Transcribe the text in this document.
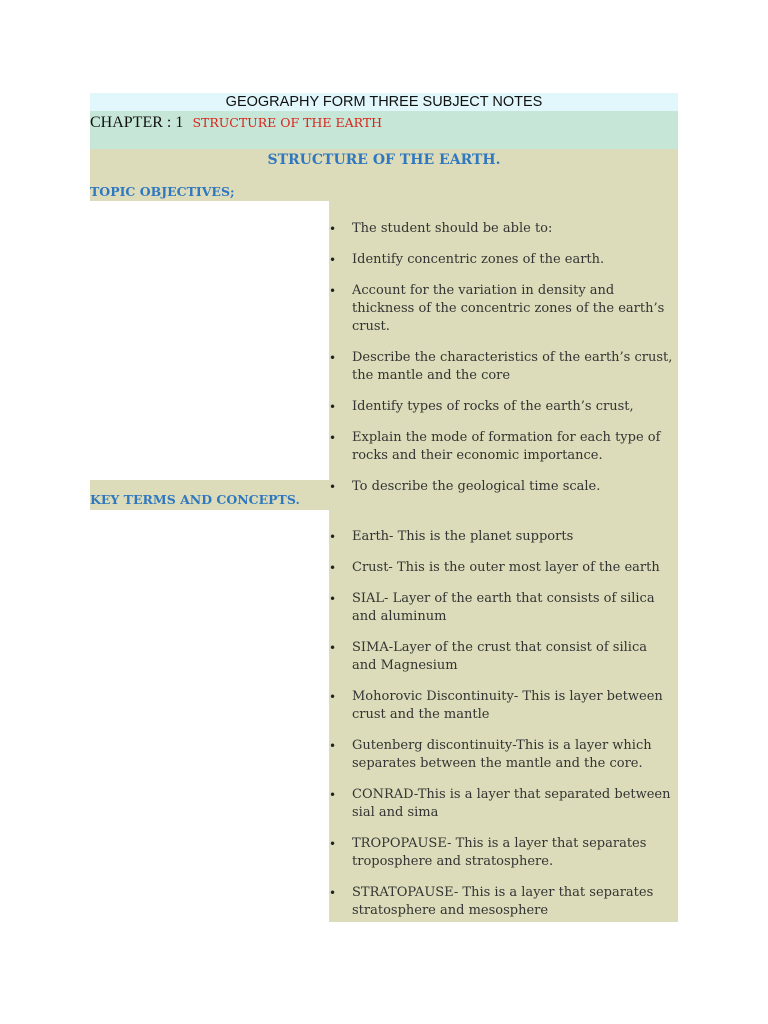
GEOGRAPHY FORM THREE SUBJECT NOTES
CHAPTER : 1 STRUCTURE OF THE EARTH
STRUCTURE OF THE EARTH.
TOPIC OBJECTIVES;
• The student should be able to:
• Identify concentric zones of the earth.
• Account for the variation in density and thickness of the concentric zones of the earth’s crust.
• Describe the characteristics of the earth’s crust, the mantle and the core
• Identify types of rocks of the earth’s crust,
• Explain the mode of formation for each type of rocks and their economic importance.
• To describe the geological time scale.
KEY TERMS AND CONCEPTS.
• Earth- This is the planet supports
• Crust- This is the outer most layer of the earth
• SIAL- Layer of the earth that consists of silica and aluminum
• SIMA-Layer of the crust that consist of silica and Magnesium
• Mohorovic Discontinuity- This is layer between crust and the mantle
• Gutenberg discontinuity-This is a layer which separates between the mantle and the core.
• CONRAD-This is a layer that separated between sial and sima
• TROPOPAUSE- This is a layer that separates troposphere and stratosphere.
• STRATOPAUSE- This is a layer that separates stratosphere and mesosphere
